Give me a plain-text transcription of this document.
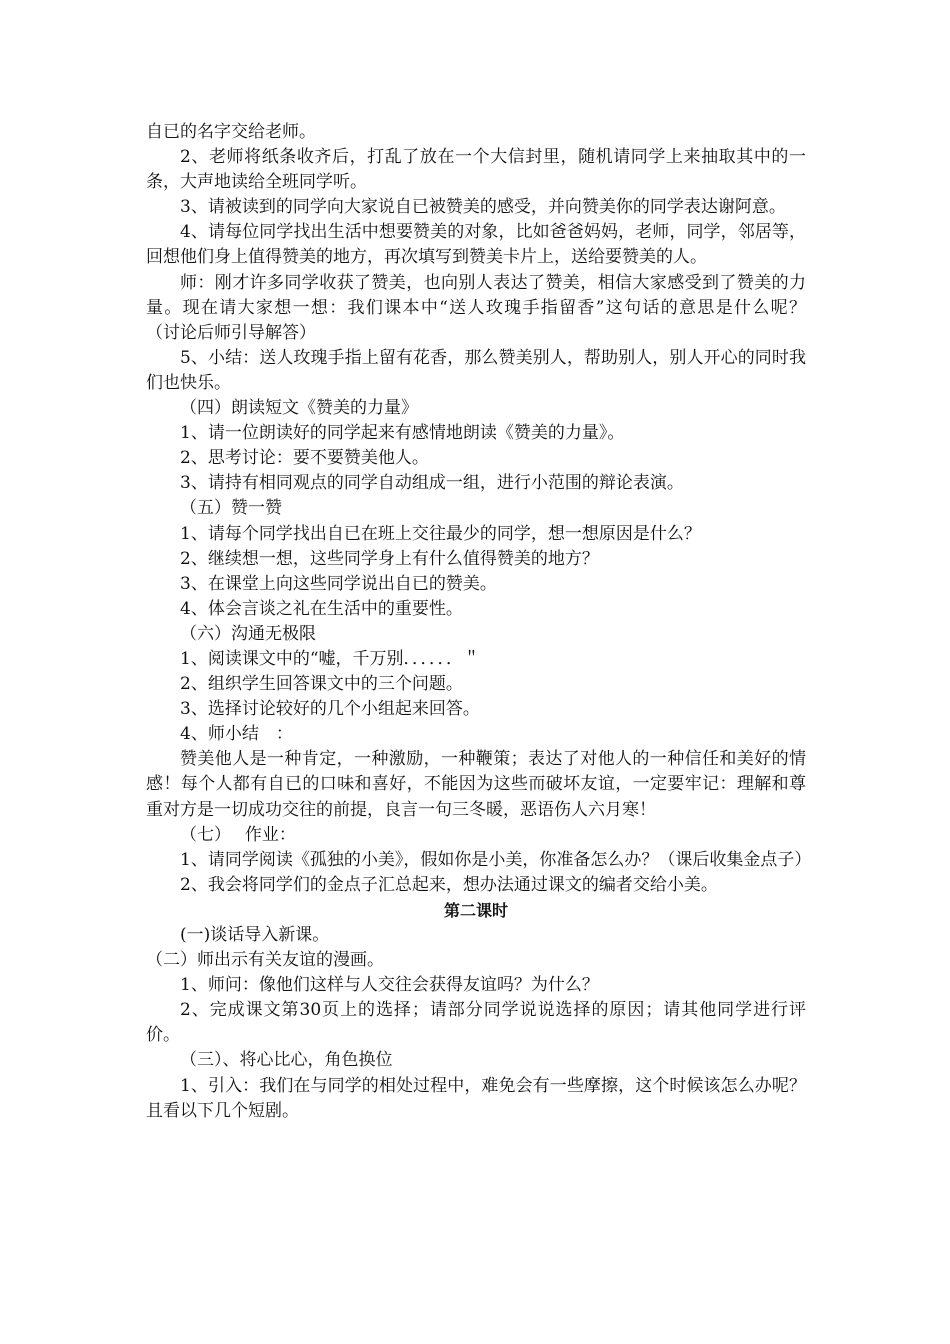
自已的名字交给老师。

2、老师将纸条收齐后，打乱了放在一个大信封里，随机请同学上来抽取其中的一条，大声地读给全班同学听。

3、请被读到的同学向大家说自已被赞美的感受，并向赞美你的同学表达谢阿意。

4、请每位同学找出生活中想要赞美的对象，比如爸爸妈妈，老师，同学，邻居等，回想他们身上值得赞美的地方，再次填写到赞美卡片上，送给要赞美的人。

师：刚才许多同学收获了赞美，也向别人表达了赞美，相信大家感受到了赞美的力量。现在请大家想一想：我们课本中“送人玫瑰手指留香”这句话的意思是什么呢？　 （讨论后师引导解答）

5、小结：送人玫瑰手指上留有花香，那么赞美别人，帮助别人，别人开心的同时我们也快乐。

（四）朗读短文《赞美的力量》

1、请一位朗读好的同学起来有感情地朗读《赞美的力量》。

2、思考讨论：要不要赞美他人。

3、请持有相同观点的同学自动组成一组，进行小范围的辩论表演。

（五）赞一赞

1、请每个同学找出自已在班上交往最少的同学，想一想原因是什么？

2、继续想一想，这些同学身上有什么值得赞美的地方？

3、在课堂上向这些同学说出自已的赞美。

4、体会言谈之礼在生活中的重要性。

（六）沟通无极限

1、阅读课文中的“嘘，千万别．．．．．．＂

2、组织学生回答课文中的三个问题。

3、选择讨论较好的几个小组起来回答。

4、师小结　：

赞美他人是一种肯定，一种激励，一种鞭策；表达了对他人的一种信任和美好的情感！每个人都有自已的口味和喜好，不能因为这些而破坏友谊，一定要牢记：理解和尊重对方是一切成功交往的前提，良言一句三冬暖，恶语伤人六月寒！

（七）　 作业：

1、请同学阅读《孤独的小美》，假如你是小美，你准备怎么办？（课后收集金点子）

2、我会将同学们的金点子汇总起来，想办法通过课文的编者交给小美。

第二课时

(一)谈话导入新课。

（二）师出示有关友谊的漫画。

1、师问：像他们这样与人交往会获得友谊吗？为什么？

2、完成课文第30页上的选择；请部分同学说说选择的原因；请其他同学进行评价。

（三）、将心比心，角色换位

1、引入：我们在与同学的相处过程中，难免会有一些摩擦，这个时候该怎么办呢？且看以下几个短剧。
